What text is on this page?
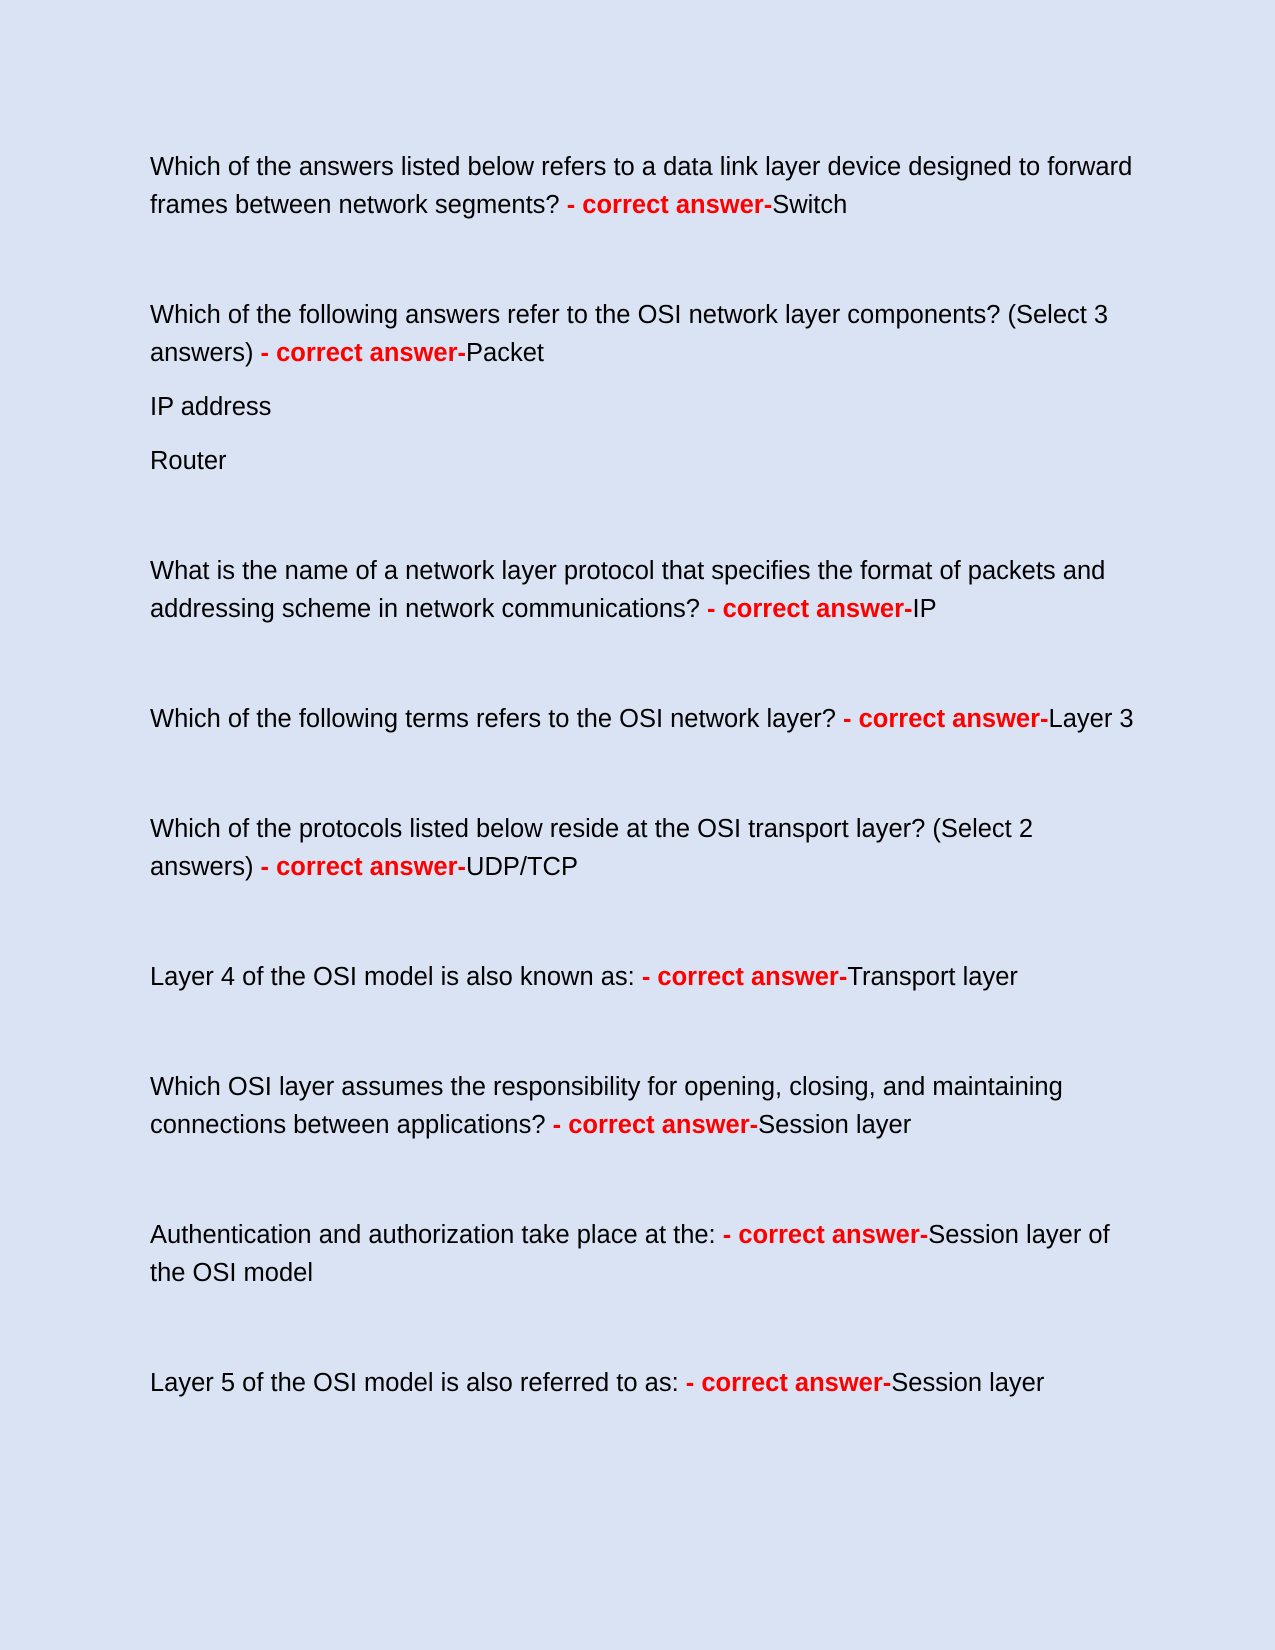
Which of the answers listed below refers to a data link layer device designed to forward frames between network segments? - correct answer-Switch

Which of the following answers refer to the OSI network layer components? (Select 3 answers) - correct answer-Packet

IP address

Router

What is the name of a network layer protocol that specifies the format of packets and addressing scheme in network communications? - correct answer-IP

Which of the following terms refers to the OSI network layer? - correct answer-Layer 3

Which of the protocols listed below reside at the OSI transport layer? (Select 2 answers) - correct answer-UDP/TCP

Layer 4 of the OSI model is also known as: - correct answer-Transport layer

Which OSI layer assumes the responsibility for opening, closing, and maintaining connections between applications? - correct answer-Session layer

Authentication and authorization take place at the: - correct answer-Session layer of the OSI model

Layer 5 of the OSI model is also referred to as: - correct answer-Session layer
